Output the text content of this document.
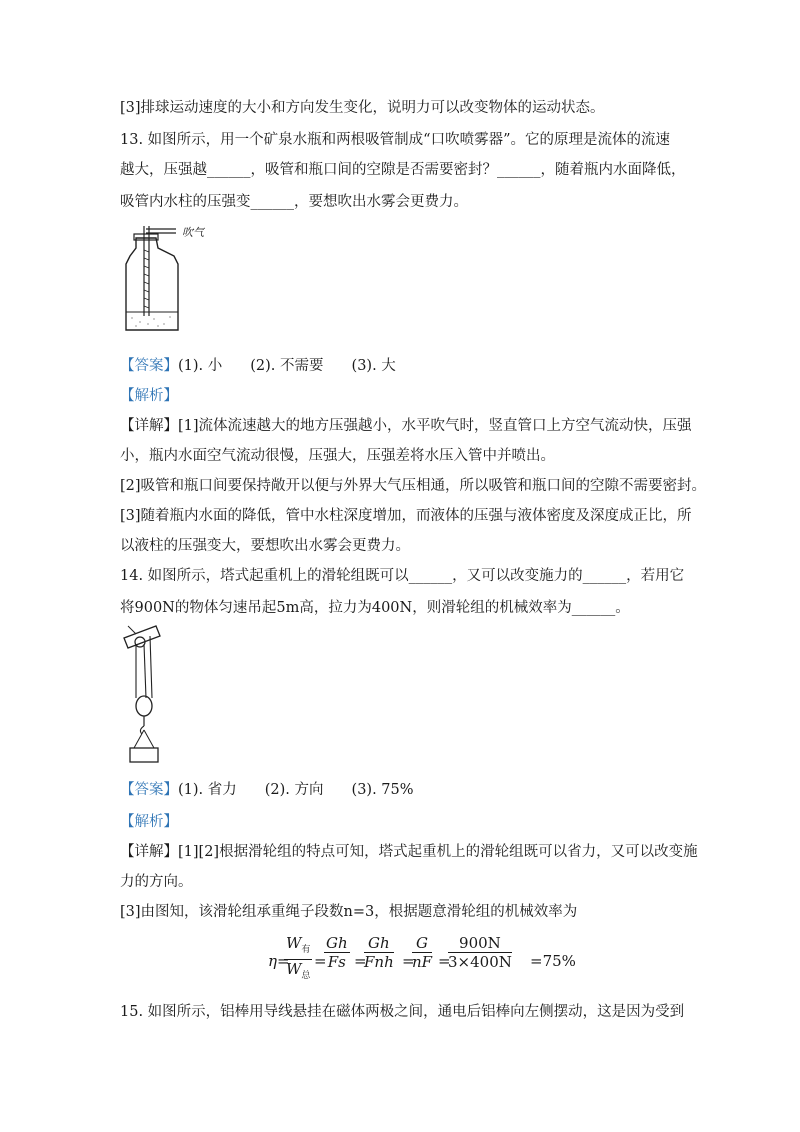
[3]排球运动速度的大小和方向发生变化，说明力可以改变物体的运动状态。
13. 如图所示，用一个矿泉水瓶和两根吸管制成“口吹喷雾器”。它的原理是流体的流速
越大，压强越______，吸管和瓶口间的空隙是否需要密封？______，随着瓶内水面降低，
吸管内水柱的压强变______，要想吹出水雾会更费力。
吹气
【答案】(1). 小 (2). 不需要 (3). 大
【解析】
【详解】[1]流体流速越大的地方压强越小，水平吹气时，竖直管口上方空气流动快，压强
小，瓶内水面空气流动很慢，压强大，压强差将水压入管中并喷出。
[2]吸管和瓶口间要保持敞开以便与外界大气压相通，所以吸管和瓶口间的空隙不需要密封。
[3]随着瓶内水面的降低，管中水柱深度增加，而液体的压强与液体密度及深度成正比，所
以液柱的压强变大，要想吹出水雾会更费力。
14. 如图所示，塔式起重机上的滑轮组既可以______，又可以改变施力的______，若用它
将900N的物体匀速吊起5m高，拉力为400N，则滑轮组的机械效率为______。
【答案】(1). 省力 (2). 方向 (3). 75%
【解析】
【详解】[1][2]根据滑轮组的特点可知，塔式起重机上的滑轮组既可以省力，又可以改变施
力的方向。
[3]由图知，该滑轮组承重绳子段数n=3，根据题意滑轮组的机械效率为
η=
$W_有$
$W_总$
=
$\frac{Gh}{Fs}$ =
Gh
Fnh =
$\frac{G}{nF}$ =
$\frac{900N}{3\times 400N} =75\%$
15. 如图所示，铝棒用导线悬挂在磁体两极之间，通电后铝棒向左侧摆动，这是因为受到
